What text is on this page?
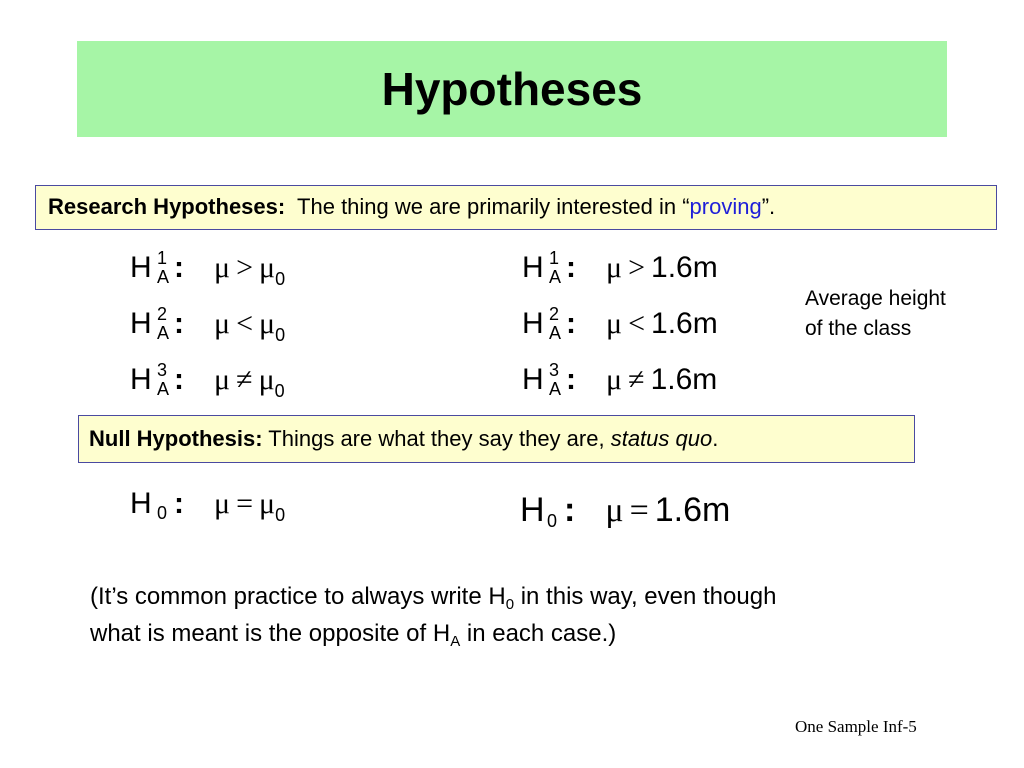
Hypotheses
Research Hypotheses: The thing we are primarily interested in “proving”.
H 1
A : $\mu > \mu_0$
H 2
A : $\mu < \mu_0$
H 3
A : $\mu \ne \mu_0$
H 1
A : μ > 1.6m
H 2
A : μ < 1.6m
H 3
A : μ ≠ 1.6m
Average height
of the class
Null Hypothesis: Things are what they say they are, status quo.
H 0 : $\mu = \mu_0$	H 0 : μ = 1.6m
(It’s common practice to always write $H_0$ in this way, even though
what is meant is the opposite of $H_A$ in each case.)
One Sample Inf-5
